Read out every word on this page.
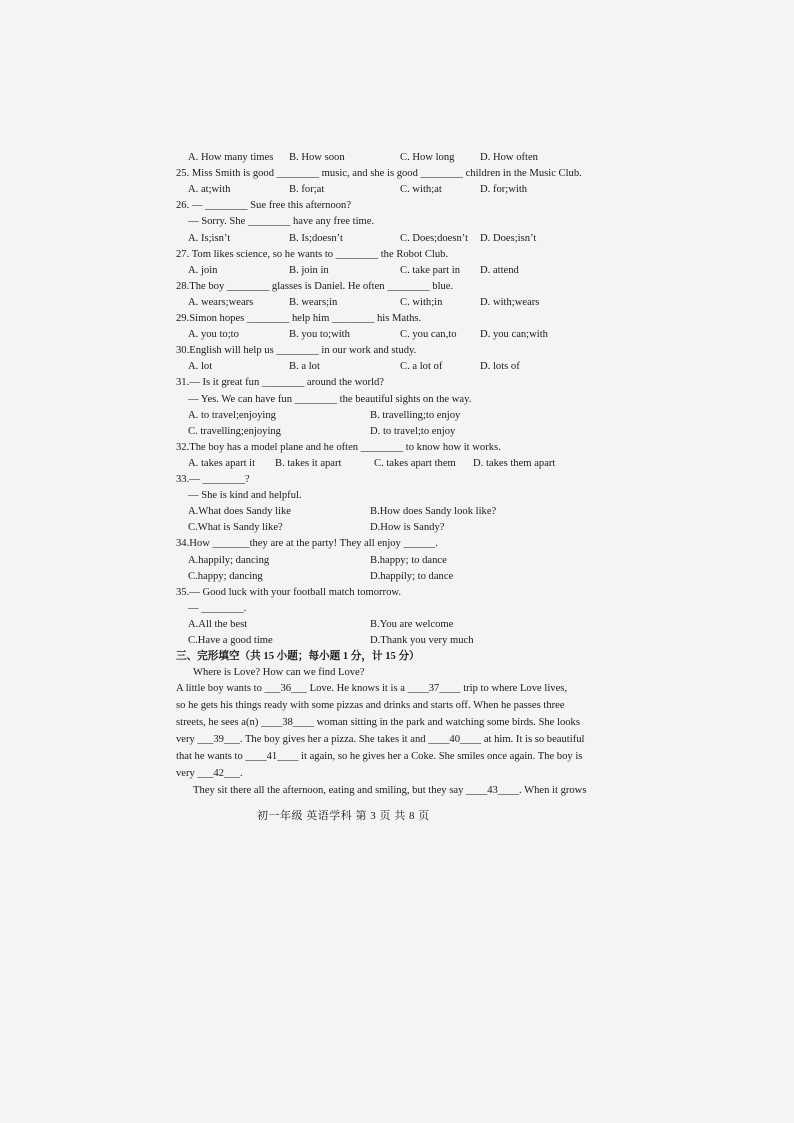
A. How many times B. How soon	C. How long D. How often
25. Miss Smith is good ________ music, and she is good ________ children in the Music Club.
A. at;with	B. for;at	C. with;at	D. for;with
26. — ________ Sue free this afternoon?
— Sorry. She ________ have any free time.
A. Is;isn’t	B. Is;doesn’t	C. Does;doesn’t D. Does;isn’t
27. Tom likes science, so he wants to ________ the Robot Club.
A. join	B. join in	C. take part in D. attend
28.The boy ________ glasses is Daniel. He often ________ blue.
A. wears;wears	B. wears;in	C. with;in	D. with;wears
29.Simon hopes ________ help him ________ his Maths.
A. you to;to	B. you to;with	C. you can,to D. you can;with
30.English will help us ________ in our work and study.
A. lot	B. a lot	C. a lot of	D. lots of
31.— Is it great fun ________ around the world?
— Yes. We can have fun ________ the beautiful sights on the way.
A. to travel;enjoying	B. travelling;to enjoy
C. travelling;enjoying	D. to travel;to enjoy
32.The boy has a model plane and he often ________ to know how it works.
A. takes apart it B. takes it apart	C. takes apart them D. takes them apart
33.— ________?
— She is kind and helpful.
A.What does Sandy like	B.How does Sandy look like?
C.What is Sandy like?	D.How is Sandy?
34.How _______they are at the party! They all enjoy ______.
A.happily; dancing	B.happy; to dance
C.happy; dancing	D.happily; to dance
35.— Good luck with your football match tomorrow.
— ________.
A.All the best	B.You are welcome
C.Have a good time	D.Thank you very much
三、完形填空（共 15 小题；每小题 1 分，计 15 分）
Where is Love? How can we find Love?
A little boy wants to ___36___ Love. He knows it is a ____37____ trip to where Love lives,
so he gets his things ready with some pizzas and drinks and starts off. When he passes three
streets, he sees a(n) ____38____ woman sitting in the park and watching some birds. She looks
very ___39___. The boy gives her a pizza. She takes it and ____40____ at him. It is so beautiful
that he wants to ____41____ it again, so he gives her a Coke. She smiles once again. The boy is
very ___42___.
They sit there all the afternoon, eating and smiling, but they say ____43____. When it grows
初一年级 英语学科 第 3 页 共 8 页
